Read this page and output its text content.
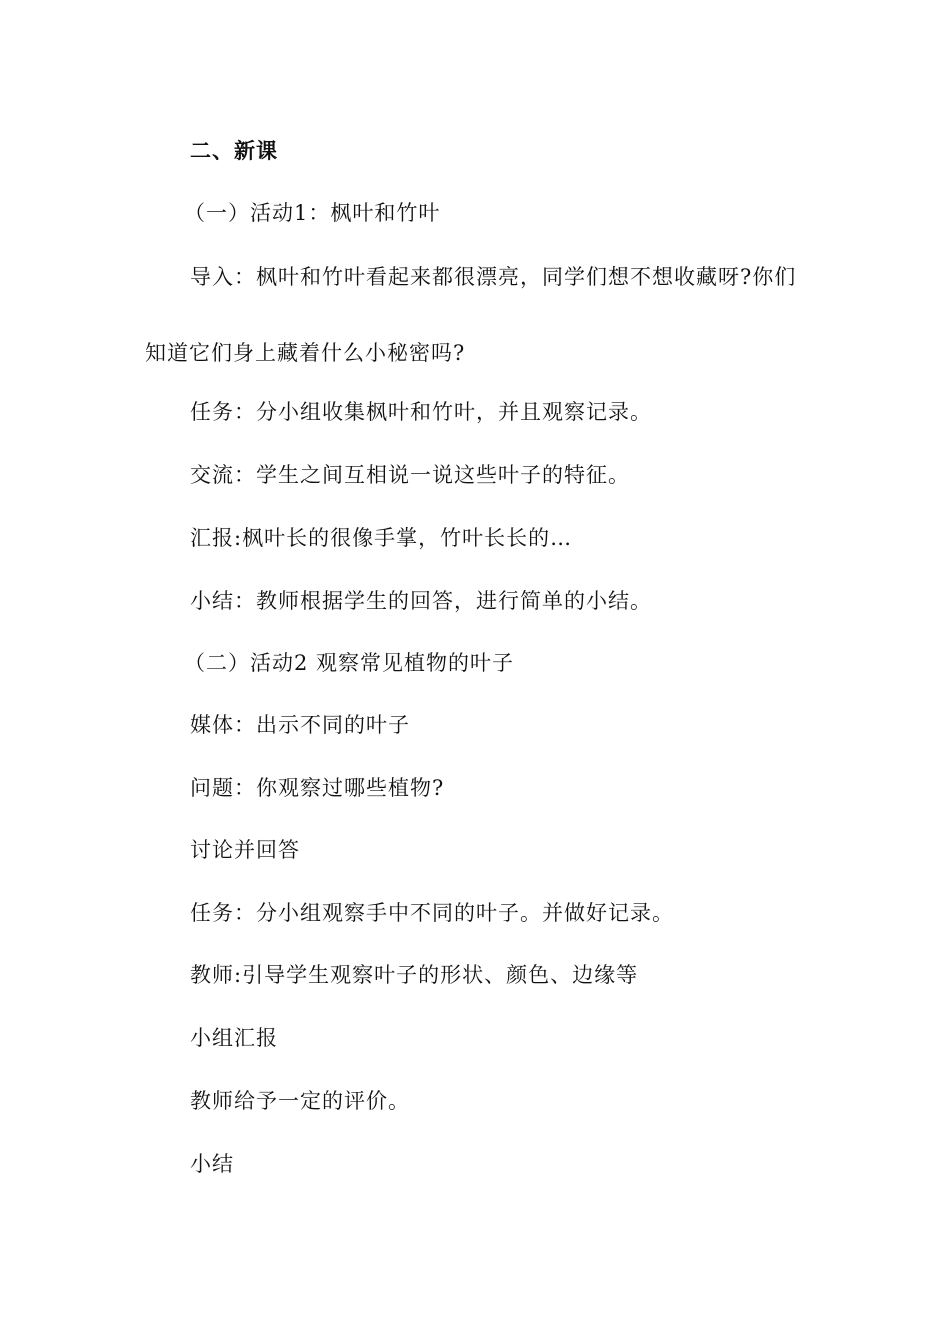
二、新课
（一）活动1：枫叶和竹叶
导入：枫叶和竹叶看起来都很漂亮，同学们想不想收藏呀?你们
知道它们身上藏着什么小秘密吗?
任务：分小组收集枫叶和竹叶，并且观察记录。
交流：学生之间互相说一说这些叶子的特征。
汇报:枫叶长的很像手掌，竹叶长长的…
小结：教师根据学生的回答，进行简单的小结。
（二）活动2 观察常见植物的叶子
媒体：出示不同的叶子
问题：你观察过哪些植物?
讨论并回答
任务：分小组观察手中不同的叶子。并做好记录。
教师:引导学生观察叶子的形状、颜色、边缘等
小组汇报
教师给予一定的评价。
小结
